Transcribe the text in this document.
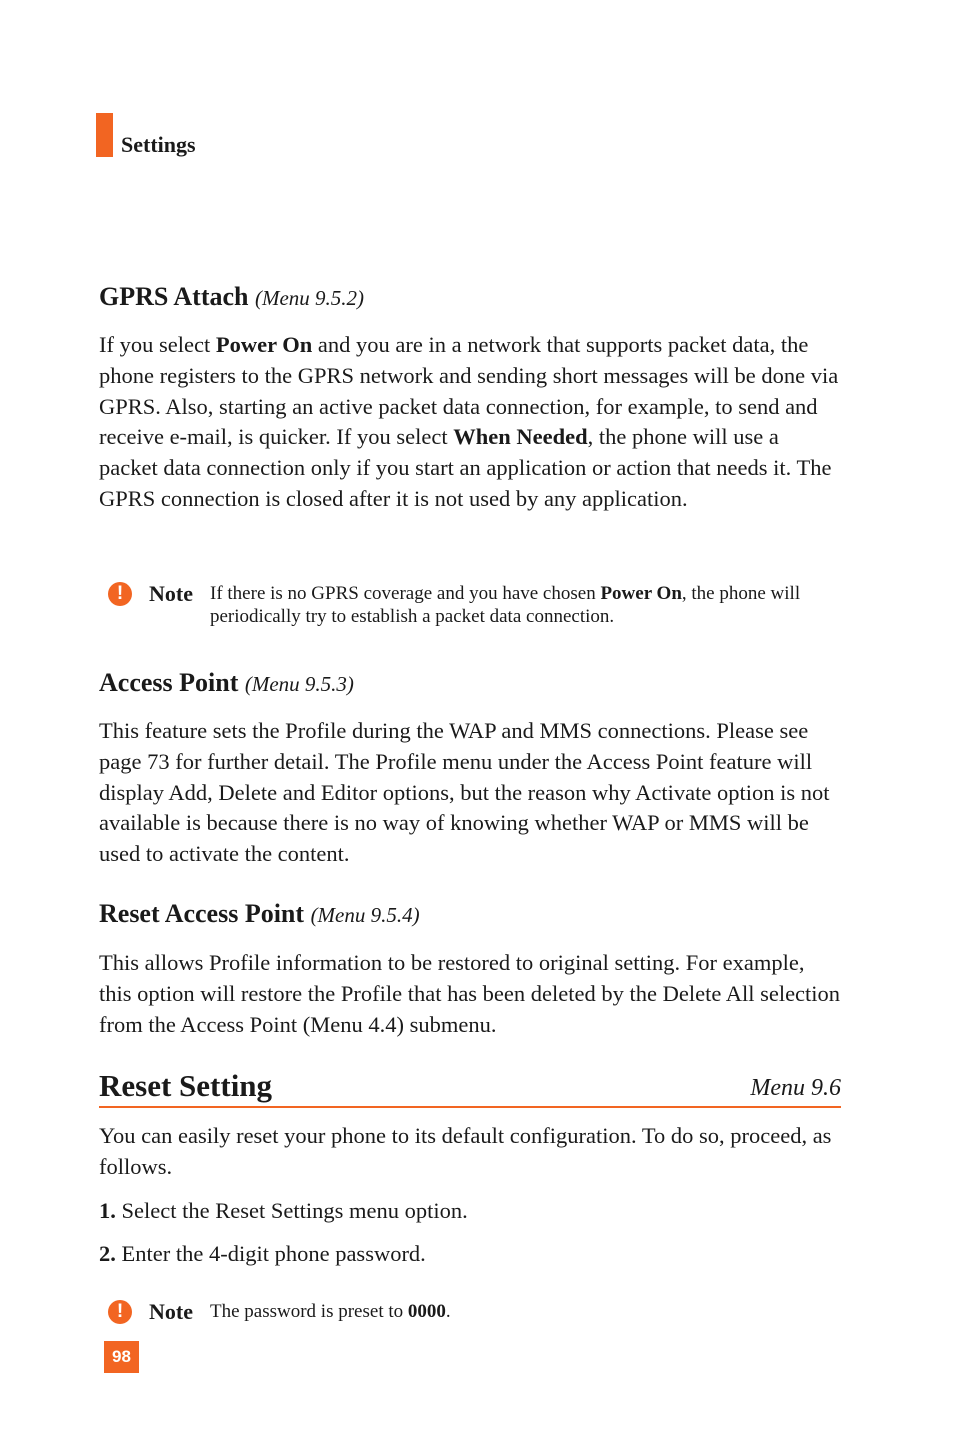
Settings
GPRS Attach (Menu 9.5.2)
If you select Power On and you are in a network that supports packet data, the phone registers to the GPRS network and sending short messages will be done via GPRS. Also, starting an active packet data connection, for example, to send and receive e-mail, is quicker. If you select When Needed, the phone will use a packet data connection only if you start an application or action that needs it. The GPRS connection is closed after it is not used by any application.
!	Note If there is no GPRS coverage and you have chosen Power On, the phone will periodically try to establish a packet data connection.
Access Point (Menu 9.5.3)
This feature sets the Profile during the WAP and MMS connections. Please see page 73 for further detail. The Profile menu under the Access Point feature will display Add, Delete and Editor options, but the reason why Activate option is not available is because there is no way of knowing whether WAP or MMS will be used to activate the content.
Reset Access Point (Menu 9.5.4)
This allows Profile information to be restored to original setting. For example, this option will restore the Profile that has been deleted by the Delete All selection from the Access Point (Menu 4.4) submenu.
Reset Setting	Menu 9.6
You can easily reset your phone to its default configuration. To do so, proceed, as follows.
1. Select the Reset Settings menu option.
2. Enter the 4-digit phone password.
!	Note The password is preset to 0000.
98
